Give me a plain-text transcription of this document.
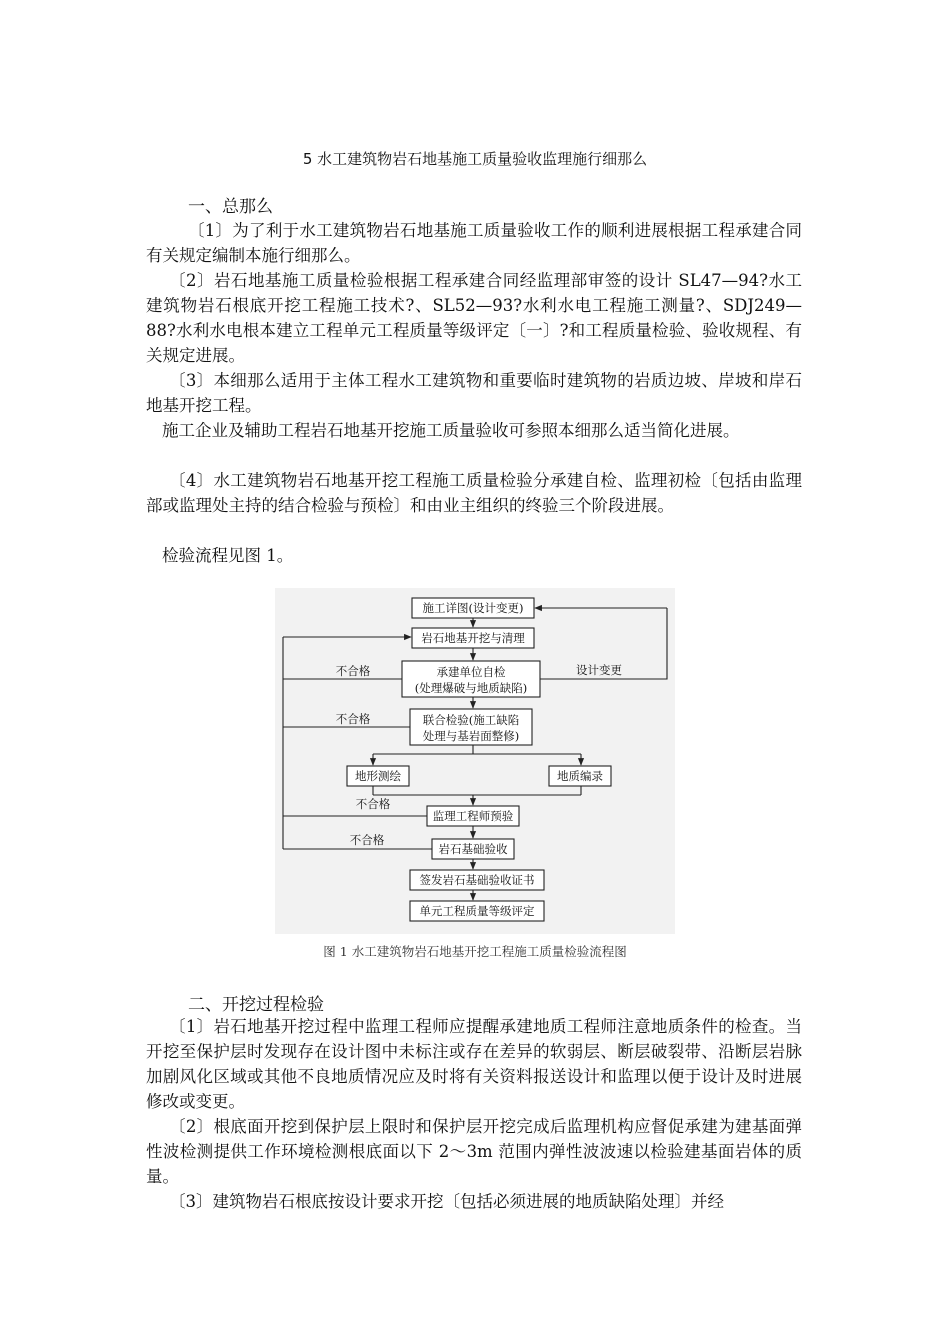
5 水工建筑物岩石地基施工质量验收监理施行细那么
一、总那么
〔1〕为了利于水工建筑物岩石地基施工质量验收工作的顺利进展根据工程承建合同有关规定编制本施行细那么。
〔2〕岩石地基施工质量检验根据工程承建合同经监理部审签的设计 SL47—94?水工建筑物岩石根底开挖工程施工技术?、SL52—93?水利水电工程施工测量?、SDJ249—88?水利水电根本建立工程单元工程质量等级评定〔一〕?和工程质量检验、验收规程、有关规定进展。
〔3〕本细那么适用于主体工程水工建筑物和重要临时建筑物的岩质边坡、岸坡和岸石地基开挖工程。
施工企业及辅助工程岩石地基开挖施工质量验收可参照本细那么适当简化进展。
〔4〕水工建筑物岩石地基开挖工程施工质量检验分承建自检、监理初检〔包括由监理部或监理处主持的结合检验与预检〕和由业主组织的终验三个阶段进展。
检验流程见图 1。
施工详图(设计变更)
岩石地基开挖与清理
承建单位自检
(处理爆破与地质缺陷)
联合检验(施工缺陷
处理与基岩面整修)
地形测绘	地质编录
监理工程师预验
岩石基础验收
签发岩石基础验收证书
单元工程质量等级评定
不合格
不合格
不合格
不合格
设计变更
图 1 水工建筑物岩石地基开挖工程施工质量检验流程图
二、开挖过程检验
〔1〕岩石地基开挖过程中监理工程师应提醒承建地质工程师注意地质条件的检查。当开挖至保护层时发现存在设计图中未标注或存在差异的软弱层、断层破裂带、沿断层岩脉加剧风化区域或其他不良地质情况应及时将有关资料报送设计和监理以便于设计及时进展修改或变更。
〔2〕根底面开挖到保护层上限时和保护层开挖完成后监理机构应督促承建为建基面弹性波检测提供工作环境检测根底面以下 2～3m 范围内弹性波波速以检验建基面岩体的质量。
〔3〕建筑物岩石根底按设计要求开挖〔包括必须进展的地质缺陷处理〕并经
